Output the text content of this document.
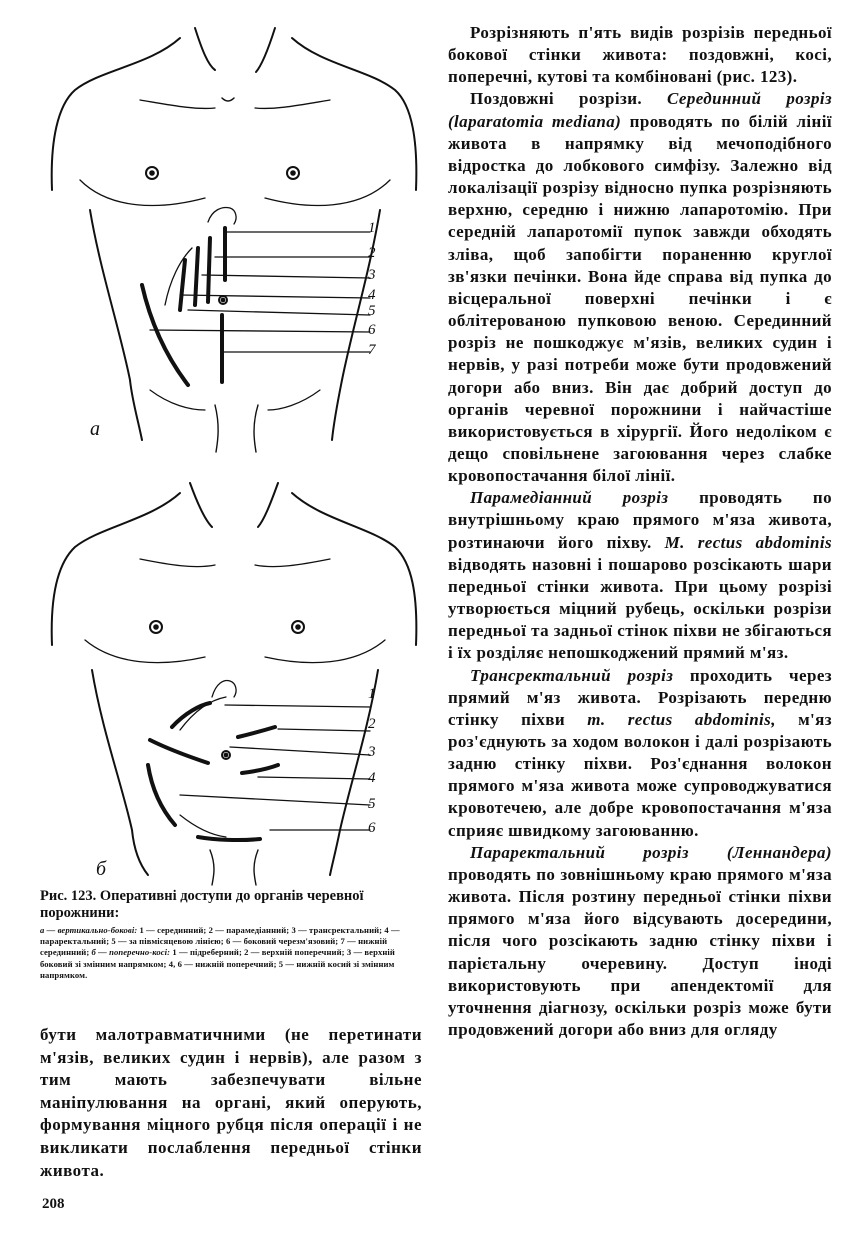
а
б
1
2
3
4
5
6
7
1
2
3
4
5
6

Рис. 123. Оперативні доступи до органів черевної порожнини:

а — вертикально-бокові: 1 — серединний; 2 — парамедіанний; 3 — трансректальний; 4 — параректальний; 5 — за півмісяцевою лінією; 6 — боковий черезм'язовий; 7 — нижній серединний; б — поперечно-косі: 1 — підреберний; 2 — верхній поперечний; 3 — верхній боковий зі змінним напрямком; 4, 6 — нижній поперечний; 5 — нижній косий зі змінним напрямком.

бути малотравматичними (не перетинати м'язів, великих судин і нервів), але разом з тим мають забезпечувати вільне маніпулювання на органі, який оперують, формування міцного рубця після операції і не викликати послаблення передньої стінки живота.

Розрізняють п'ять видів розрізів передньої бокової стінки живота: поздовжні, косі, поперечні, кутові та комбіновані (рис. 123).

Поздовжні розрізи. Серединний розріз (laparatomia mediana) проводять по білій лінії живота в напрямку від мечоподібного відростка до лобкового симфізу. Залежно від локалізації розрізу відносно пупка розрізняють верхню, середню і нижню лапаротомію. При середній лапаротомії пупок завжди обходять зліва, щоб запобігти пораненню круглої зв'язки печінки. Вона йде справа від пупка до вісцеральної поверхні печінки і є облітерованою пупковою веною. Серединний розріз не пошкоджує м'язів, великих судин і нервів, у разі потреби може бути продовжений догори або вниз. Він дає добрий доступ до органів черевної порожнини і найчастіше використовується в хірургії. Його недоліком є дещо сповільнене загоювання через слабке кровопостачання білої лінії.

Парамедіанний розріз проводять по внутрішньому краю прямого м'яза живота, розтинаючи його піхву. M. rectus abdominis відводять назовні і пошарово розсікають шари передньої стінки живота. При цьому розрізі утворюється міцний рубець, оскільки розрізи передньої та задньої стінок піхви не збігаються і їх розділяє непошкоджений прямий м'яз.

Трансректальний розріз проходить через прямий м'яз живота. Розрізають передню стінку піхви m. rectus abdominis, м'яз роз'єднують за ходом волокон і далі розрізають задню стінку піхви. Роз'єднання волокон прямого м'яза живота може супроводжуватися кровотечею, але добре кровопостачання м'яза сприяє швидкому загоюванню.

Параректальний розріз (Леннандера) проводять по зовнішньому краю прямого м'яза живота. Після розтину передньої стінки піхви прямого м'яза його відсувають досередини, після чого розсікають задню стінку піхви і парієтальну очеревину. Доступ іноді використовують при апендектомії для уточнення діагнозу, оскільки розріз може бути продовжений догори або вниз для огляду

208
